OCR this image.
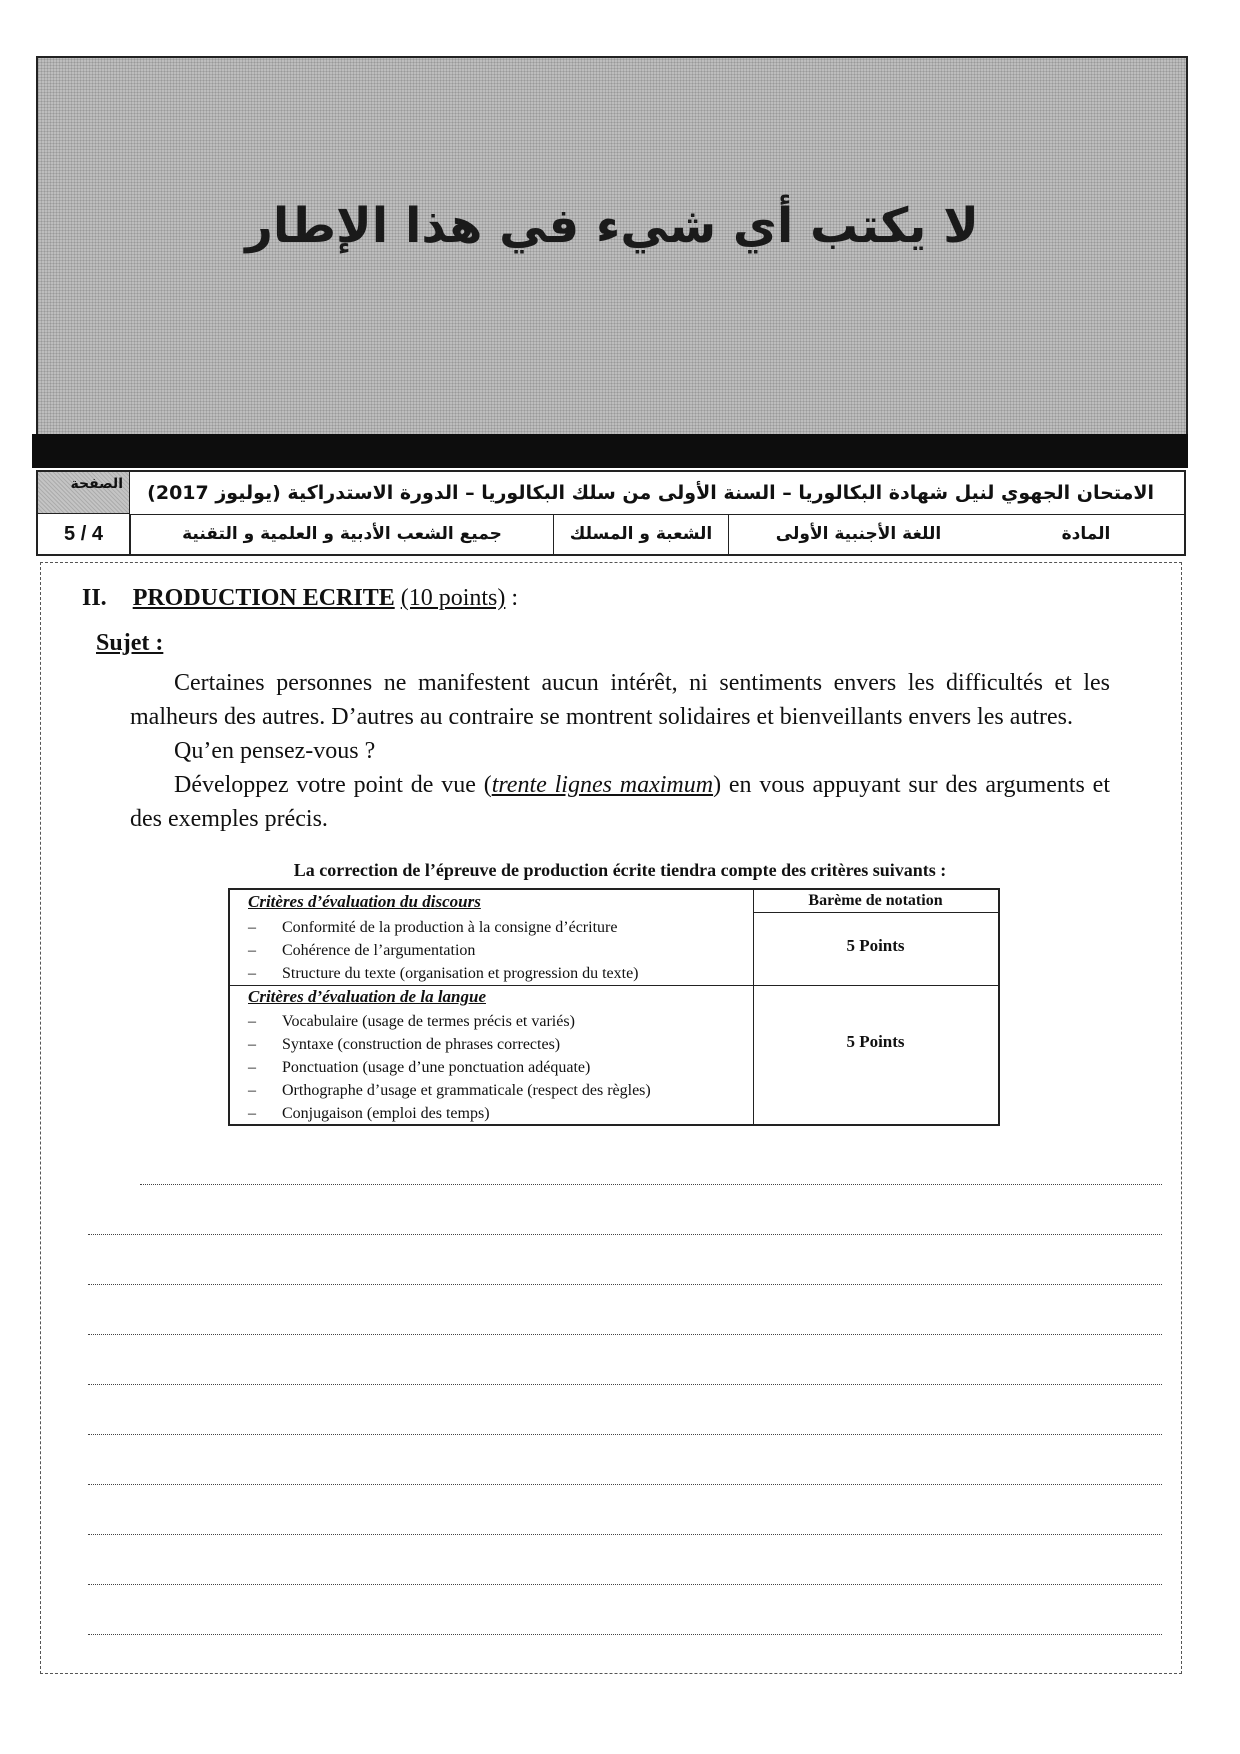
لا يكتب أي شيء في هذا الإطار
الصفحة
5 / 4
الامتحان الجهوي لنيل شهادة البكالوريا – السنة الأولى من سلك البكالوريا – الدورة الاستدراكية (يوليوز 2017)
المادة
اللغة الأجنبية الأولى
الشعبة و المسلك
جميع الشعب الأدبية و العلمية و التقنية
II. PRODUCTION ECRITE (10 points) :
Sujet :
Certaines personnes ne manifestent aucun intérêt, ni sentiments envers les difficultés et les malheurs des autres. D’autres au contraire se montrent solidaires et bienveillants envers les autres.
Qu’en pensez-vous ?
Développez votre point de vue (trente lignes maximum) en vous appuyant sur des arguments et des exemples précis.
La correction de l’épreuve de production écrite tiendra compte des critères suivants :
Critères d’évaluation du discours	Barème de notation
– Conformité de la production à la consigne d’écriture
– Cohérence de l’argumentation
– Structure du texte (organisation et progression du texte)
5 Points
Critères d’évaluation de la langue
– Vocabulaire (usage de termes précis et variés)
– Syntaxe (construction de phrases correctes)
– Ponctuation (usage d’une ponctuation adéquate)
– Orthographe d’usage et grammaticale (respect des règles)
– Conjugaison (emploi des temps)
5 Points
